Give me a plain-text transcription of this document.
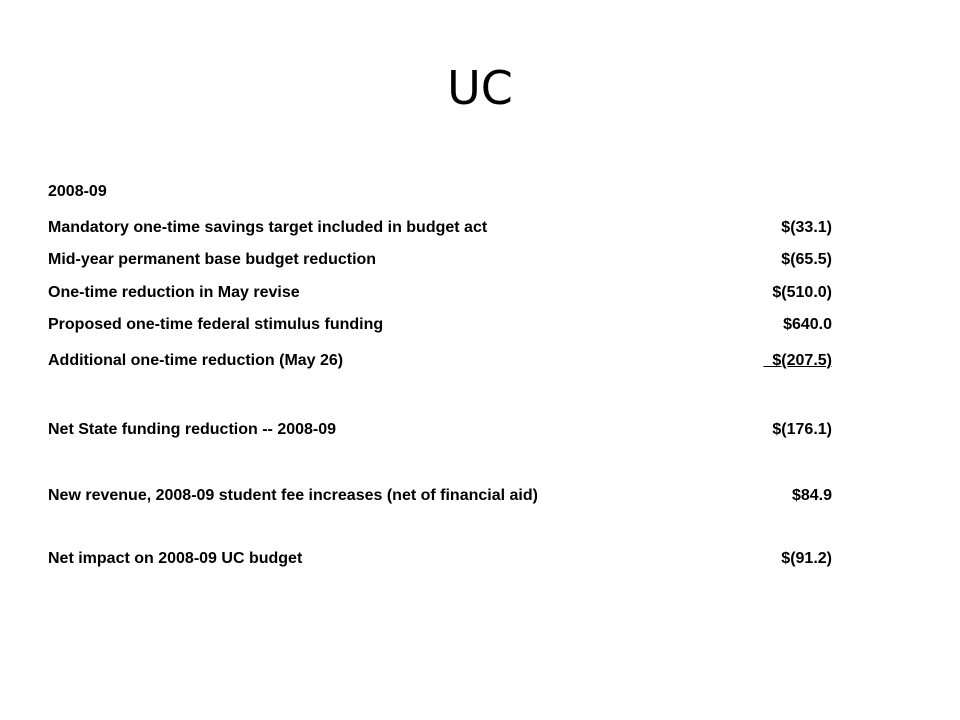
UC
2008-09
Mandatory one-time savings target included in budget act	$(33.1)
Mid-year permanent base budget reduction	$(65.5)
One-time reduction in May revise	$(510.0)
Proposed one-time federal stimulus funding	$640.0
Additional one-time reduction (May 26)	$(207.5)
Net State funding reduction -- 2008-09	$(176.1)
New revenue, 2008-09 student fee increases (net of financial aid)	$84.9
Net impact on 2008-09 UC budget	$(91.2)
